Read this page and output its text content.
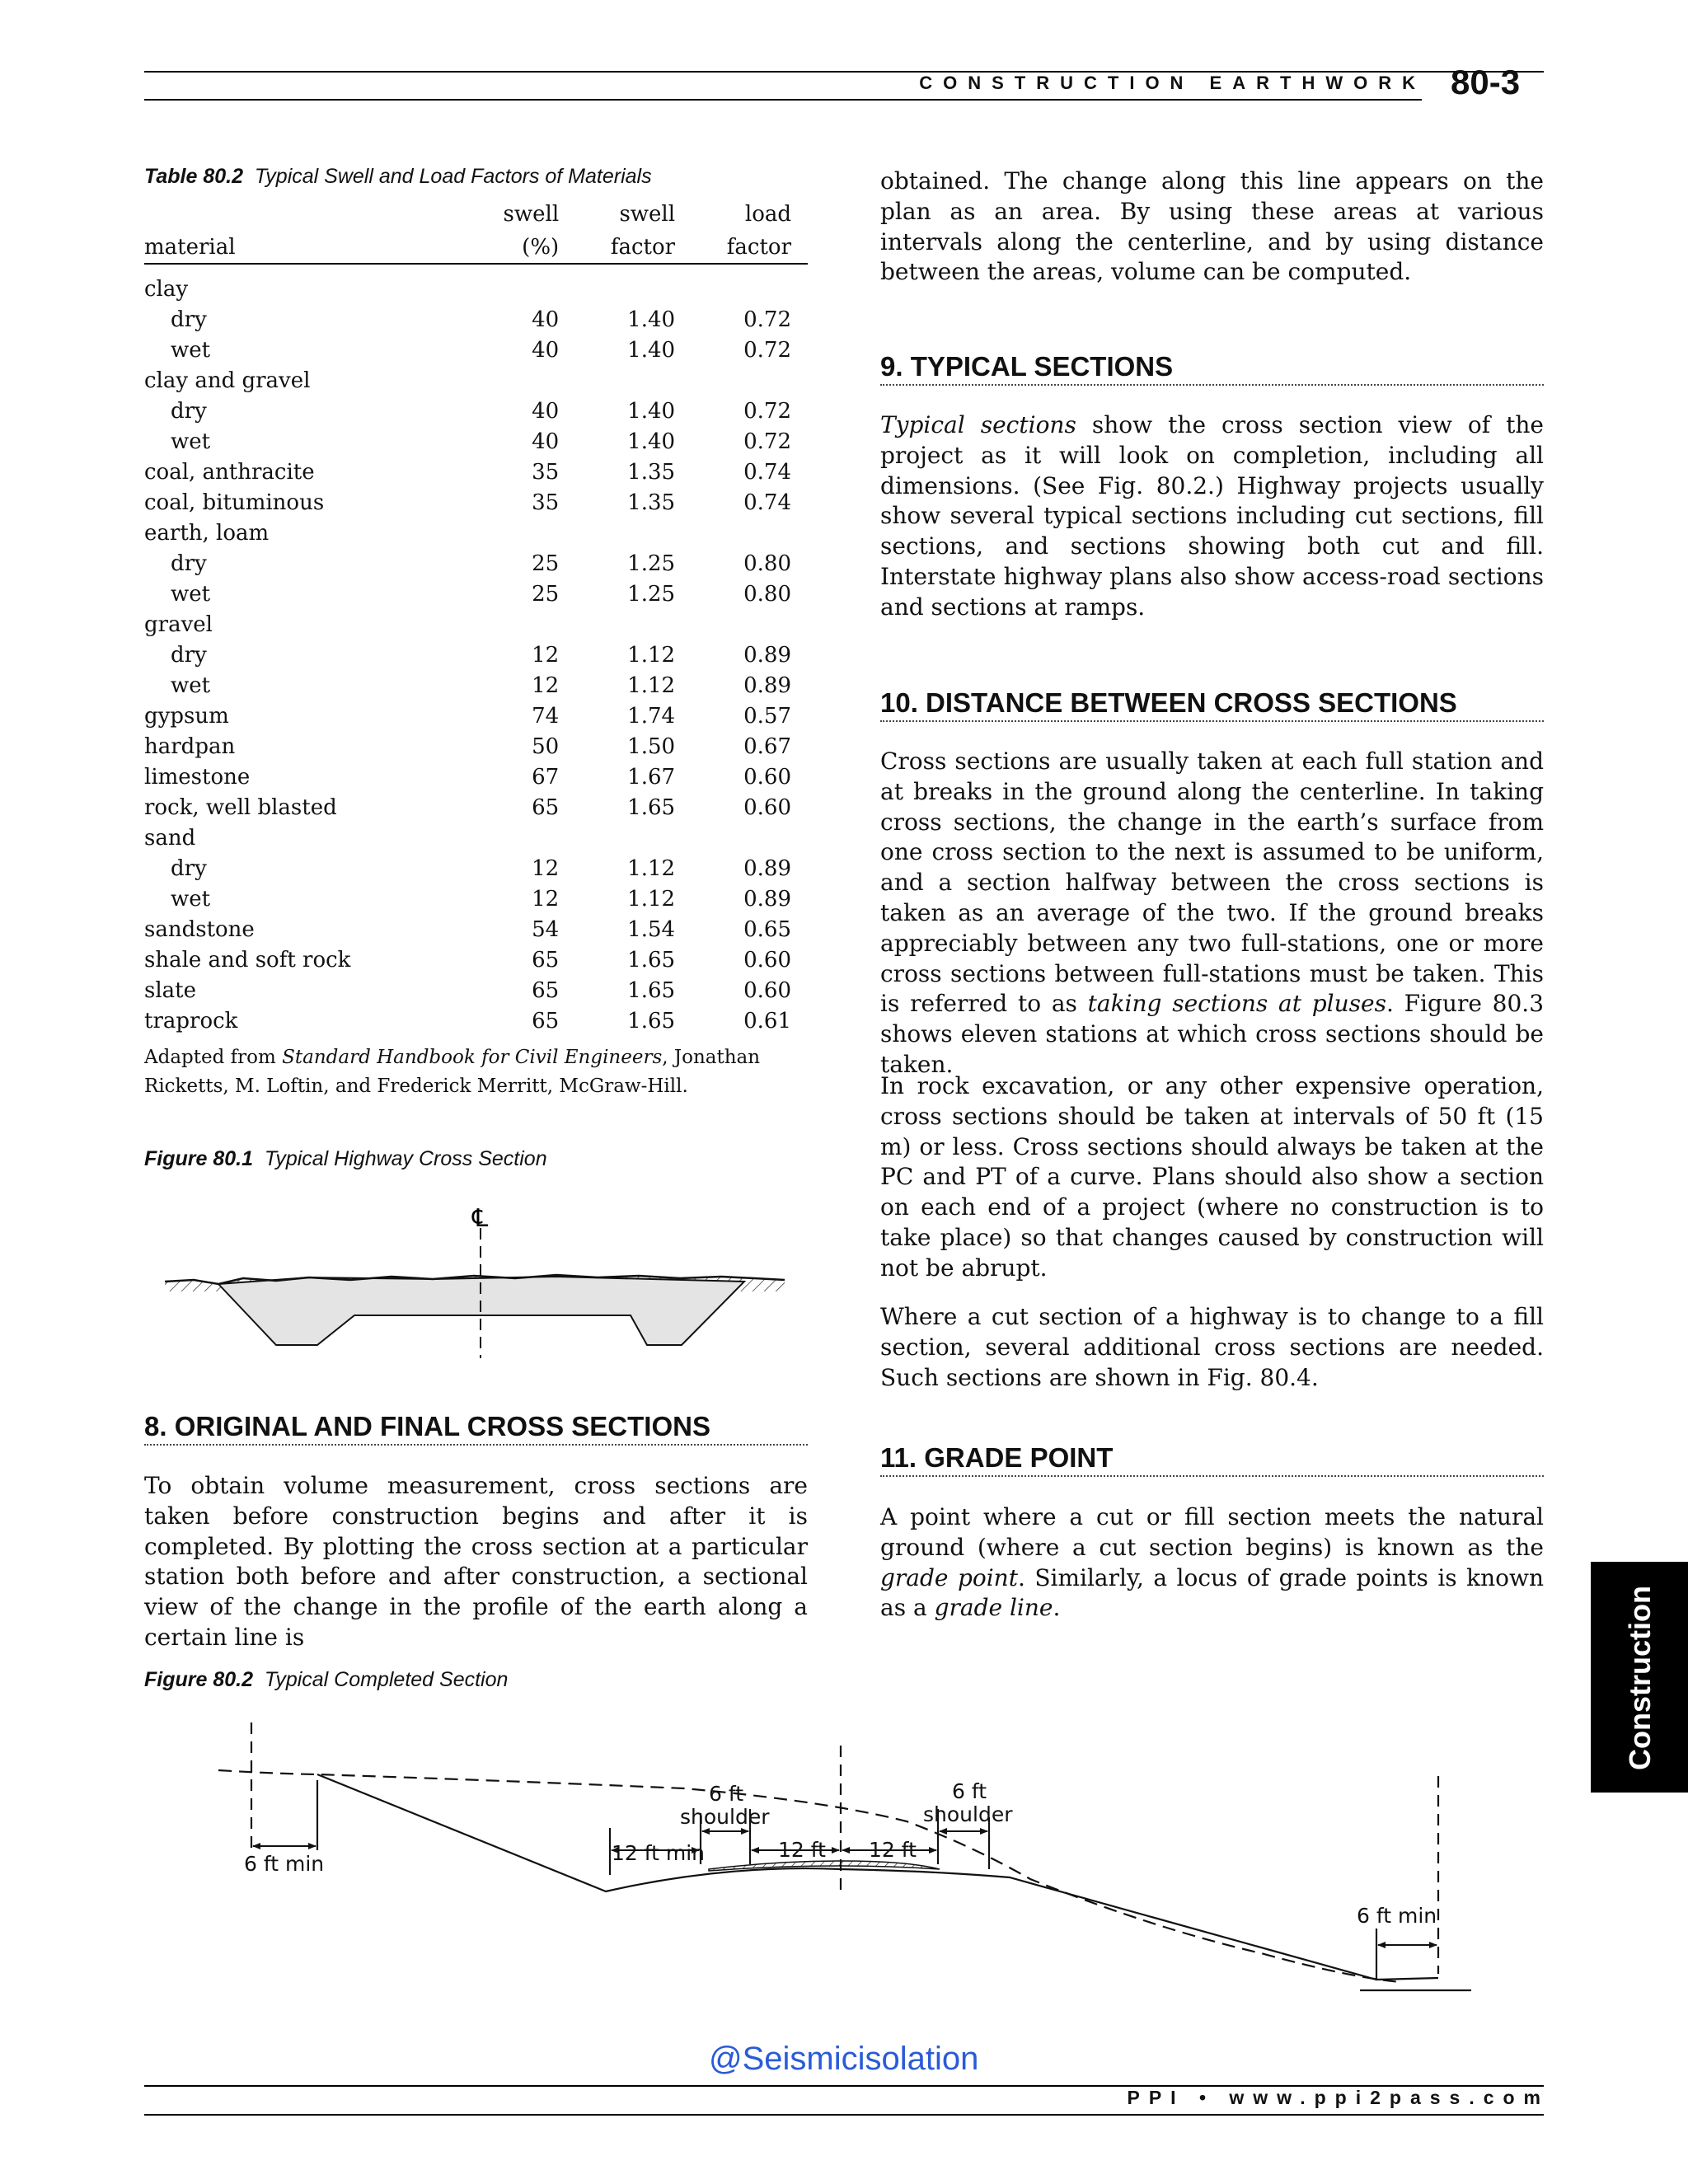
CONSTRUCTION EARTHWORK 80-3
Table 80.2 Typical Swell and Load Factors of Materials
	swell	swell	load
material	(%)	factor	factor
clay			
dry	40	1.40	0.72
wet	40	1.40	0.72
clay and gravel			
dry	40	1.40	0.72
wet	40	1.40	0.72
coal, anthracite	35	1.35	0.74
coal, bituminous	35	1.35	0.74
earth, loam			
dry	25	1.25	0.80
wet	25	1.25	0.80
gravel			
dry	12	1.12	0.89
wet	12	1.12	0.89
gypsum	74	1.74	0.57
hardpan	50	1.50	0.67
limestone	67	1.67	0.60
rock, well blasted	65	1.65	0.60
sand			
dry	12	1.12	0.89
wet	12	1.12	0.89
sandstone	54	1.54	0.65
shale and soft rock	65	1.65	0.60
slate	65	1.65	0.60
traprock	65	1.65	0.61
Adapted from Standard Handbook for Civil Engineers, Jonathan Ricketts, M. Loftin, and Frederick Merritt, McGraw-Hill.
Figure 80.1 Typical Highway Cross Section
℄
8. ORIGINAL AND FINAL CROSS SECTIONS

To obtain volume measurement, cross sections are taken before construction begins and after it is completed. By plotting the cross section at a particular station both before and after construction, a sectional view of the change in the profile of the earth along a certain line is

obtained. The change along this line appears on the plan as an area. By using these areas at various intervals along the centerline, and by using distance between the areas, volume can be computed.

9. TYPICAL SECTIONS

Typical sections show the cross section view of the project as it will look on completion, including all dimensions. (See Fig. 80.2.) Highway projects usually show several typical sections including cut sections, fill sections, and sections showing both cut and fill. Interstate highway plans also show access-road sections and sections at ramps.

10. DISTANCE BETWEEN CROSS SECTIONS

Cross sections are usually taken at each full station and at breaks in the ground along the centerline. In taking cross sections, the change in the earth’s surface from one cross section to the next is assumed to be uniform, and a section halfway between the cross sections is taken as an average of the two. If the ground breaks appreciably between any two full-stations, one or more cross sections between full-stations must be taken. This is referred to as taking sections at pluses. Figure 80.3 shows eleven stations at which cross sections should be taken.

In rock excavation, or any other expensive operation, cross sections should be taken at intervals of 50 ft (15 m) or less. Cross sections should always be taken at the PC and PT of a curve. Plans should also show a section on each end of a project (where no construction is to take place) so that changes caused by construction will not be abrupt.

Where a cut section of a highway is to change to a fill section, several additional cross sections are needed. Such sections are shown in Fig. 80.4.

11. GRADE POINT

A point where a cut or fill section meets the natural ground (where a cut section begins) is known as the grade point. Similarly, a locus of grade points is known as a grade line.

Figure 80.2 Typical Completed Section
6 ft min
6 ft
shoulder
6 ft
shoulder
12 ft min	12 ft 12 ft
6 ft min
Construction
@Seismicisolation
PPI • www.ppi2pass.com
